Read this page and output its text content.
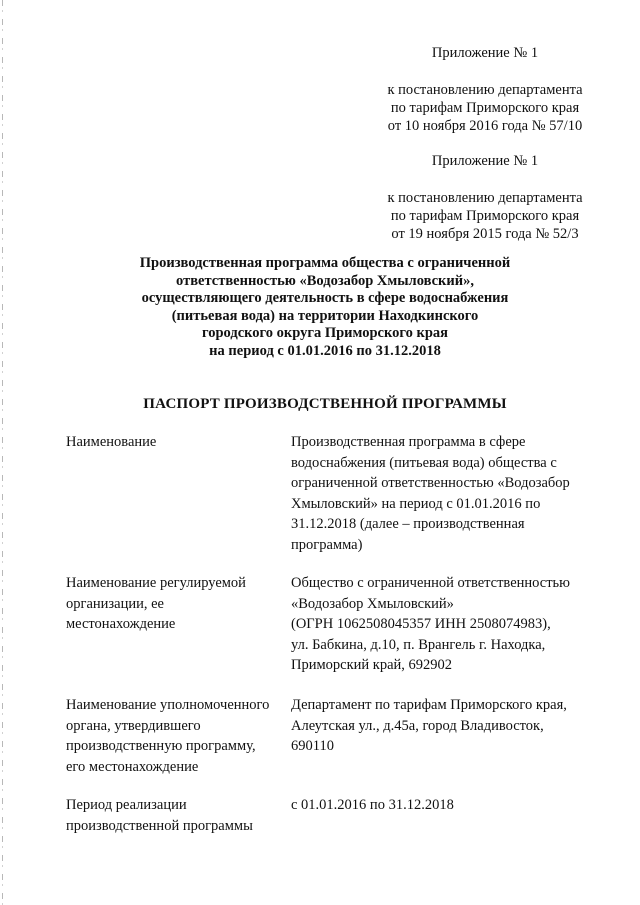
Приложение № 1
к постановлению департамента
по тарифам Приморского края
от 10 ноября 2016 года № 57/10
Приложение № 1
к постановлению департамента
по тарифам Приморского края
от 19 ноября 2015 года № 52/3
Производственная программа общества с ограниченной
ответственностью «Водозабор Хмыловский»,
осуществляющего деятельность в сфере водоснабжения
(питьевая вода) на территории Находкинского
городского округа Приморского края
на период с 01.01.2016 по 31.12.2018
ПАСПОРТ ПРОИЗВОДСТВЕННОЙ ПРОГРАММЫ
Наименование	Производственная программа в сфере
водоснабжения (питьевая вода) общества с
ограниченной ответственностью «Водозабор
Хмыловский» на период с 01.01.2016 по
31.12.2018 (далее – производственная
программа)
Наименование регулируемой
организации, ее
местонахождение
Общество с ограниченной ответственностью
«Водозабор Хмыловский»
(ОГРН 1062508045357 ИНН 2508074983),
ул. Бабкина, д.10, п. Врангель г. Находка,
Приморский край, 692902
Наименование уполномоченного
органа, утвердившего
производственную программу,
его местонахождение
Департамент по тарифам Приморского края,
Алеутская ул., д.45а, город Владивосток,
690110
Период реализации
производственной программы
с 01.01.2016 по 31.12.2018
